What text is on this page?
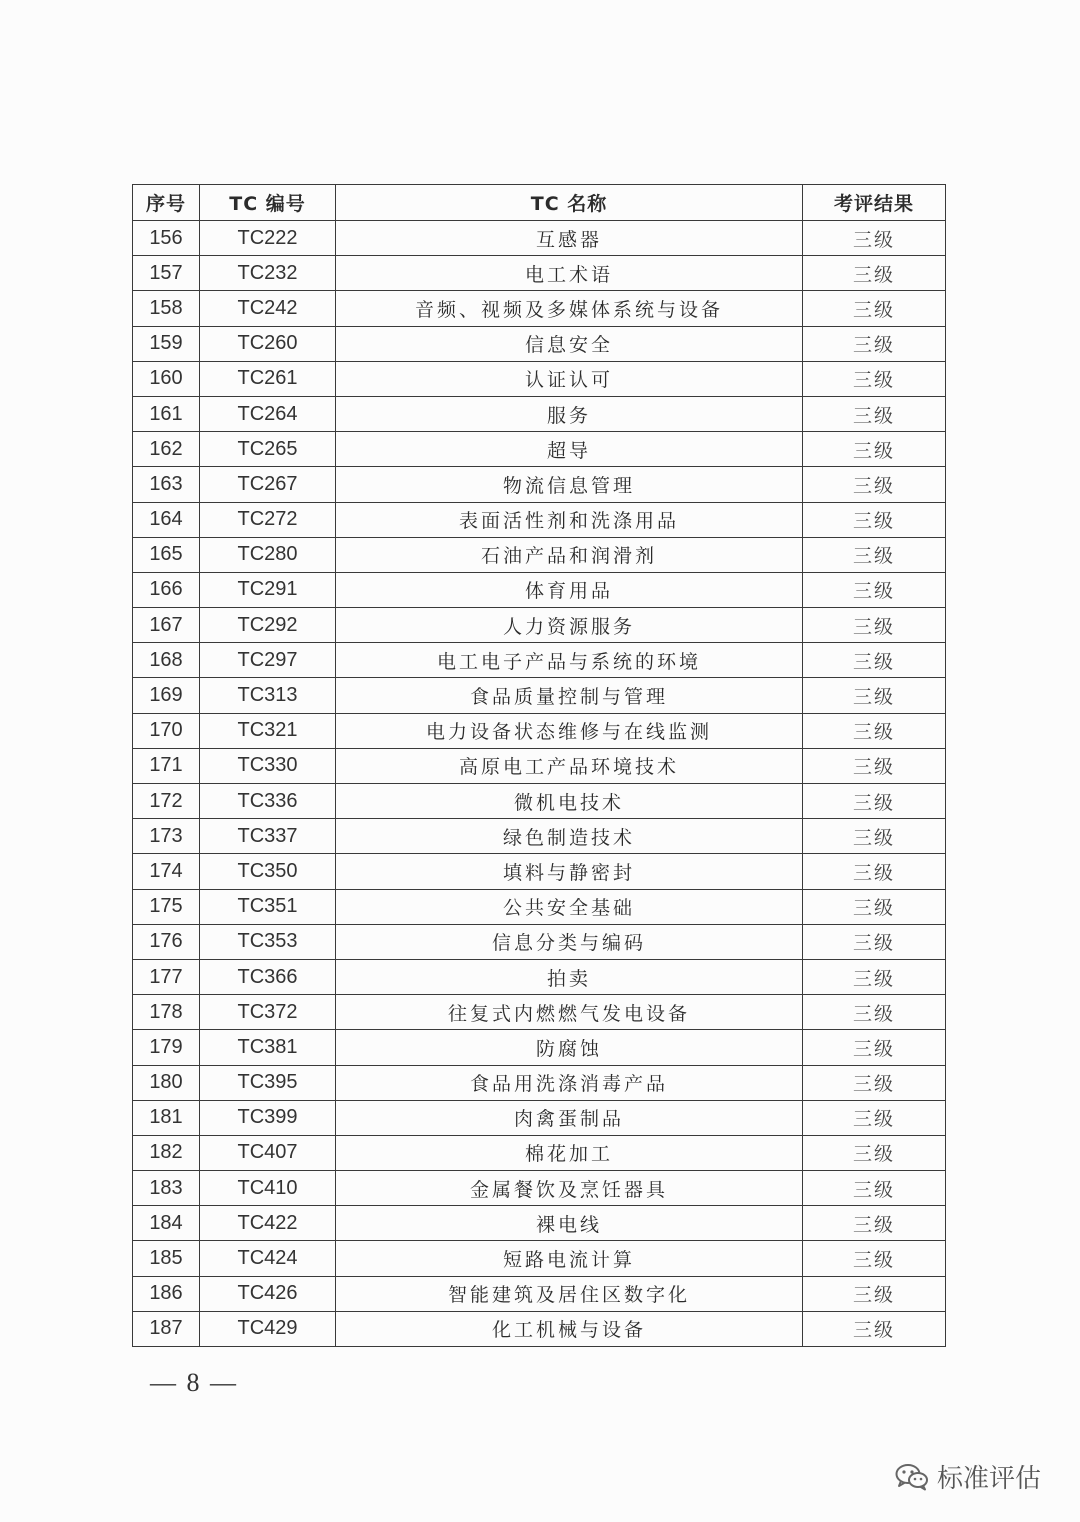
序号	TC 编号	TC 名称	考评结果
156	TC222	互感器	三级
157	TC232	电工术语	三级
158	TC242	音频、视频及多媒体系统与设备	三级
159	TC260	信息安全	三级
160	TC261	认证认可	三级
161	TC264	服务	三级
162	TC265	超导	三级
163	TC267	物流信息管理	三级
164	TC272	表面活性剂和洗涤用品	三级
165	TC280	石油产品和润滑剂	三级
166	TC291	体育用品	三级
167	TC292	人力资源服务	三级
168	TC297	电工电子产品与系统的环境	三级
169	TC313	食品质量控制与管理	三级
170	TC321	电力设备状态维修与在线监测	三级
171	TC330	高原电工产品环境技术	三级
172	TC336	微机电技术	三级
173	TC337	绿色制造技术	三级
174	TC350	填料与静密封	三级
175	TC351	公共安全基础	三级
176	TC353	信息分类与编码	三级
177	TC366	拍卖	三级
178	TC372	往复式内燃燃气发电设备	三级
179	TC381	防腐蚀	三级
180	TC395	食品用洗涤消毒产品	三级
181	TC399	肉禽蛋制品	三级
182	TC407	棉花加工	三级
183	TC410	金属餐饮及烹饪器具	三级
184	TC422	裸电线	三级
185	TC424	短路电流计算	三级
186	TC426	智能建筑及居住区数字化	三级
187	TC429	化工机械与设备	三级
— 8 —
标准评估
